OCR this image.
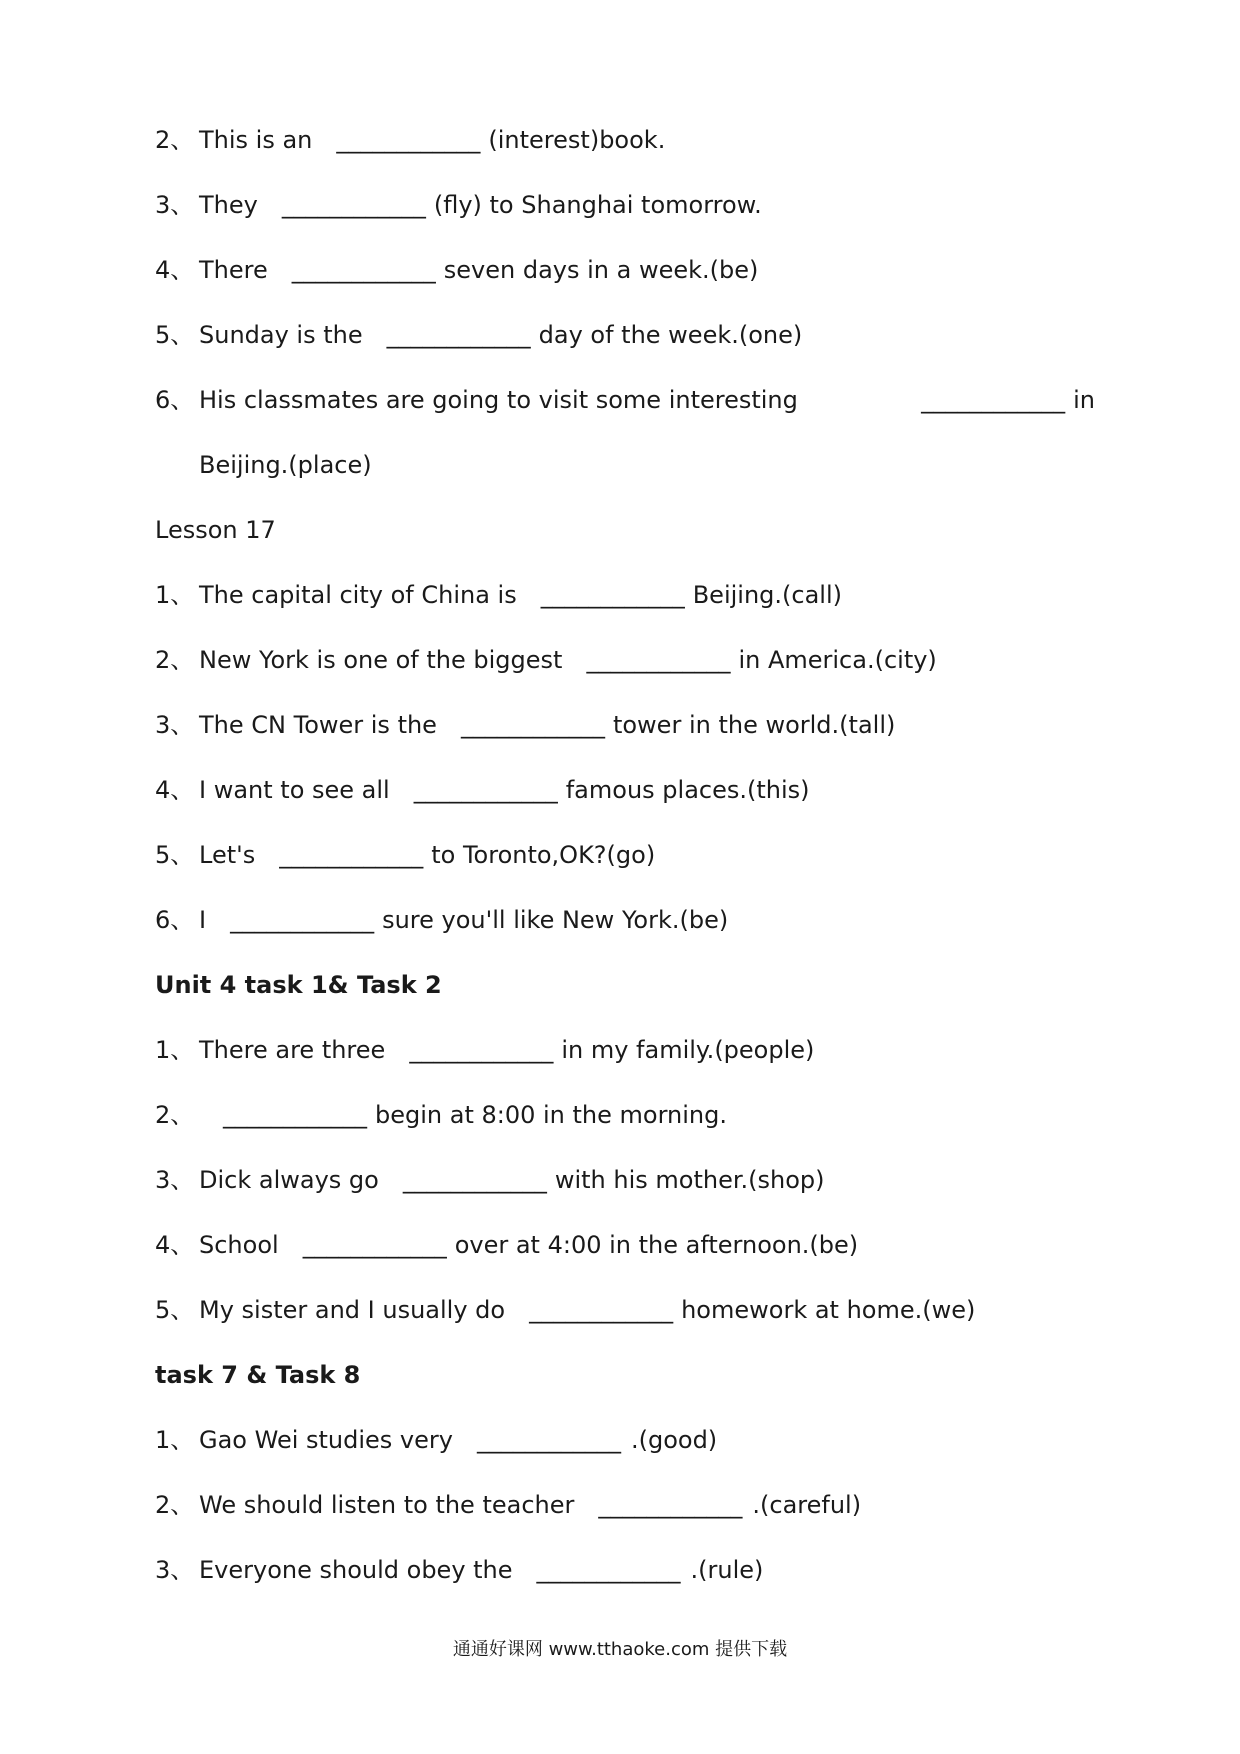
2、 This is an ____________ (interest)book.
3、 They ____________ (fly) to Shanghai tomorrow.
4、 There ____________ seven days in a week.(be)
5、 Sunday is the ____________ day of the week.(one)
6、 His classmates are going to visit some interesting	____________ in
Beijing.(place)
Lesson 17
1、 The capital city of China is ____________ Beijing.(call)
2、 New York is one of the biggest ____________ in America.(city)
3、 The CN Tower is the ____________ tower in the world.(tall)
4、 I want to see all ____________ famous places.(this)
5、 Let's ____________ to Toronto,OK?(go)
6、 I ____________ sure you'll like New York.(be)
Unit 4 task 1& Task 2
1、 There are three ____________ in my family.(people)
2、 ____________ begin at 8:00 in the morning.
3、 Dick always go ____________ with his mother.(shop)
4、 School ____________ over at 4:00 in the afternoon.(be)
5、 My sister and I usually do ____________ homework at home.(we)
task 7 & Task 8
1、 Gao Wei studies very ____________ .(good)
2、 We should listen to the teacher ____________ .(careful)
3、 Everyone should obey the ____________ .(rule)
通通好课网 www.tthaoke.com 提供下载
